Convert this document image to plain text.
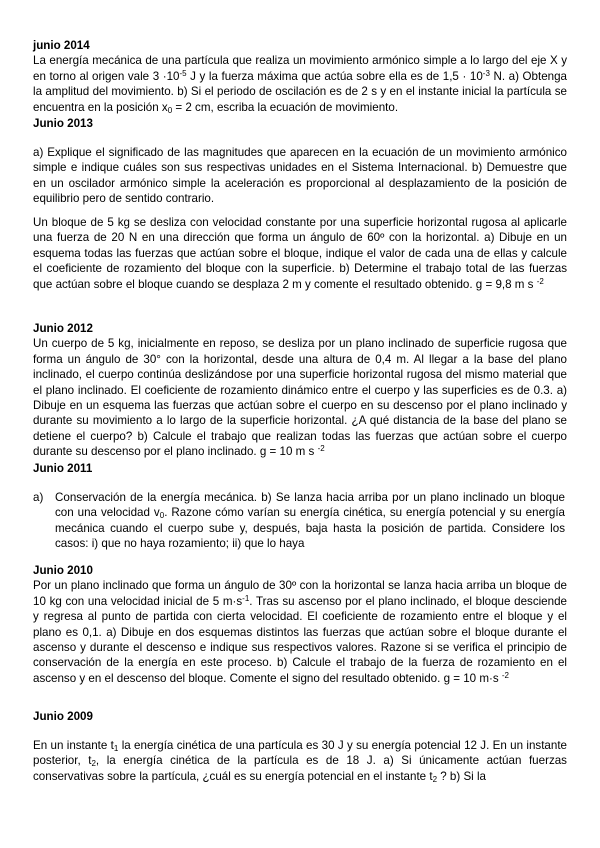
junio 2014
La energía mecánica de una partícula que realiza un movimiento armónico simple a lo largo del eje X y en torno al origen vale $3 \cdot 10^{-5}$ J y la fuerza máxima que actúa sobre ella es de $1,5 \cdot 10^{-3}$ N. a) Obtenga la amplitud del movimiento. b) Si el periodo de oscilación es de 2 s y en el instante inicial la partícula se encuentra en la posición $x_0 = 2$ cm, escriba la ecuación de movimiento.

Junio 2013

a) Explique el significado de las magnitudes que aparecen en la ecuación de un movimiento armónico simple e indique cuáles son sus respectivas unidades en el Sistema Internacional. b) Demuestre que en un oscilador armónico simple la aceleración es proporcional al desplazamiento de la posición de equilibrio pero de sentido contrario.

Un bloque de 5 kg se desliza con velocidad constante por una superficie horizontal rugosa al aplicarle una fuerza de 20 N en una dirección que forma un ángulo de 60º con la horizontal. a) Dibuje en un esquema todas las fuerzas que actúan sobre el bloque, indique el valor de cada una de ellas y calcule el coeficiente de rozamiento del bloque con la superficie. b) Determine el trabajo total de las fuerzas que actúan sobre el bloque cuando se desplaza 2 m y comente el resultado obtenido. g = 9,8 m s $^{-2}$

Junio 2012
Un cuerpo de 5 kg, inicialmente en reposo, se desliza por un plano inclinado de superficie rugosa que forma un ángulo de 30° con la horizontal, desde una altura de 0,4 m. Al llegar a la base del plano inclinado, el cuerpo continúa deslizándose por una superficie horizontal rugosa del mismo material que el plano inclinado. El coeficiente de rozamiento dinámico entre el cuerpo y las superficies es de 0.3. a) Dibuje en un esquema las fuerzas que actúan sobre el cuerpo en su descenso por el plano inclinado y durante su movimiento a lo largo de la superficie horizontal. ¿A qué distancia de la base del plano se detiene el cuerpo? b) Calcule el trabajo que realizan todas las fuerzas que actúan sobre el cuerpo durante su descenso por el plano inclinado. g = 10 m s $^{-2}$

Junio 2011

a) Conservación de la energía mecánica. b) Se lanza hacia arriba por un plano inclinado un bloque con una velocidad $v_0$. Razone cómo varían su energía cinética, su energía potencial y su energía mecánica cuando el cuerpo sube y, después, baja hasta la posición de partida. Considere los casos: i) que no haya rozamiento; ii) que lo haya

Junio 2010
Por un plano inclinado que forma un ángulo de 30º con la horizontal se lanza hacia arriba un bloque de 10 kg con una velocidad inicial de 5 $m\cdot s^{-1}$. Tras su ascenso por el plano inclinado, el bloque desciende y regresa al punto de partida con cierta velocidad. El coeficiente de rozamiento entre el bloque y el plano es 0,1. a) Dibuje en dos esquemas distintos las fuerzas que actúan sobre el bloque durante el ascenso y durante el descenso e indique sus respectivos valores. Razone si se verifica el principio de conservación de la energía en este proceso. b) Calcule el trabajo de la fuerza de rozamiento en el ascenso y en el descenso del bloque. Comente el signo del resultado obtenido. g = 10 m·s $^{-2}$

Junio 2009

En un instante $t_1$ la energía cinética de una partícula es 30 J y su energía potencial 12 J. En un instante posterior, $t_2$, la energía cinética de la partícula es de 18 J. a) Si únicamente actúan fuerzas conservativas sobre la partícula, ¿cuál es su energía potencial en el instante $t_2$ ? b) Si la
